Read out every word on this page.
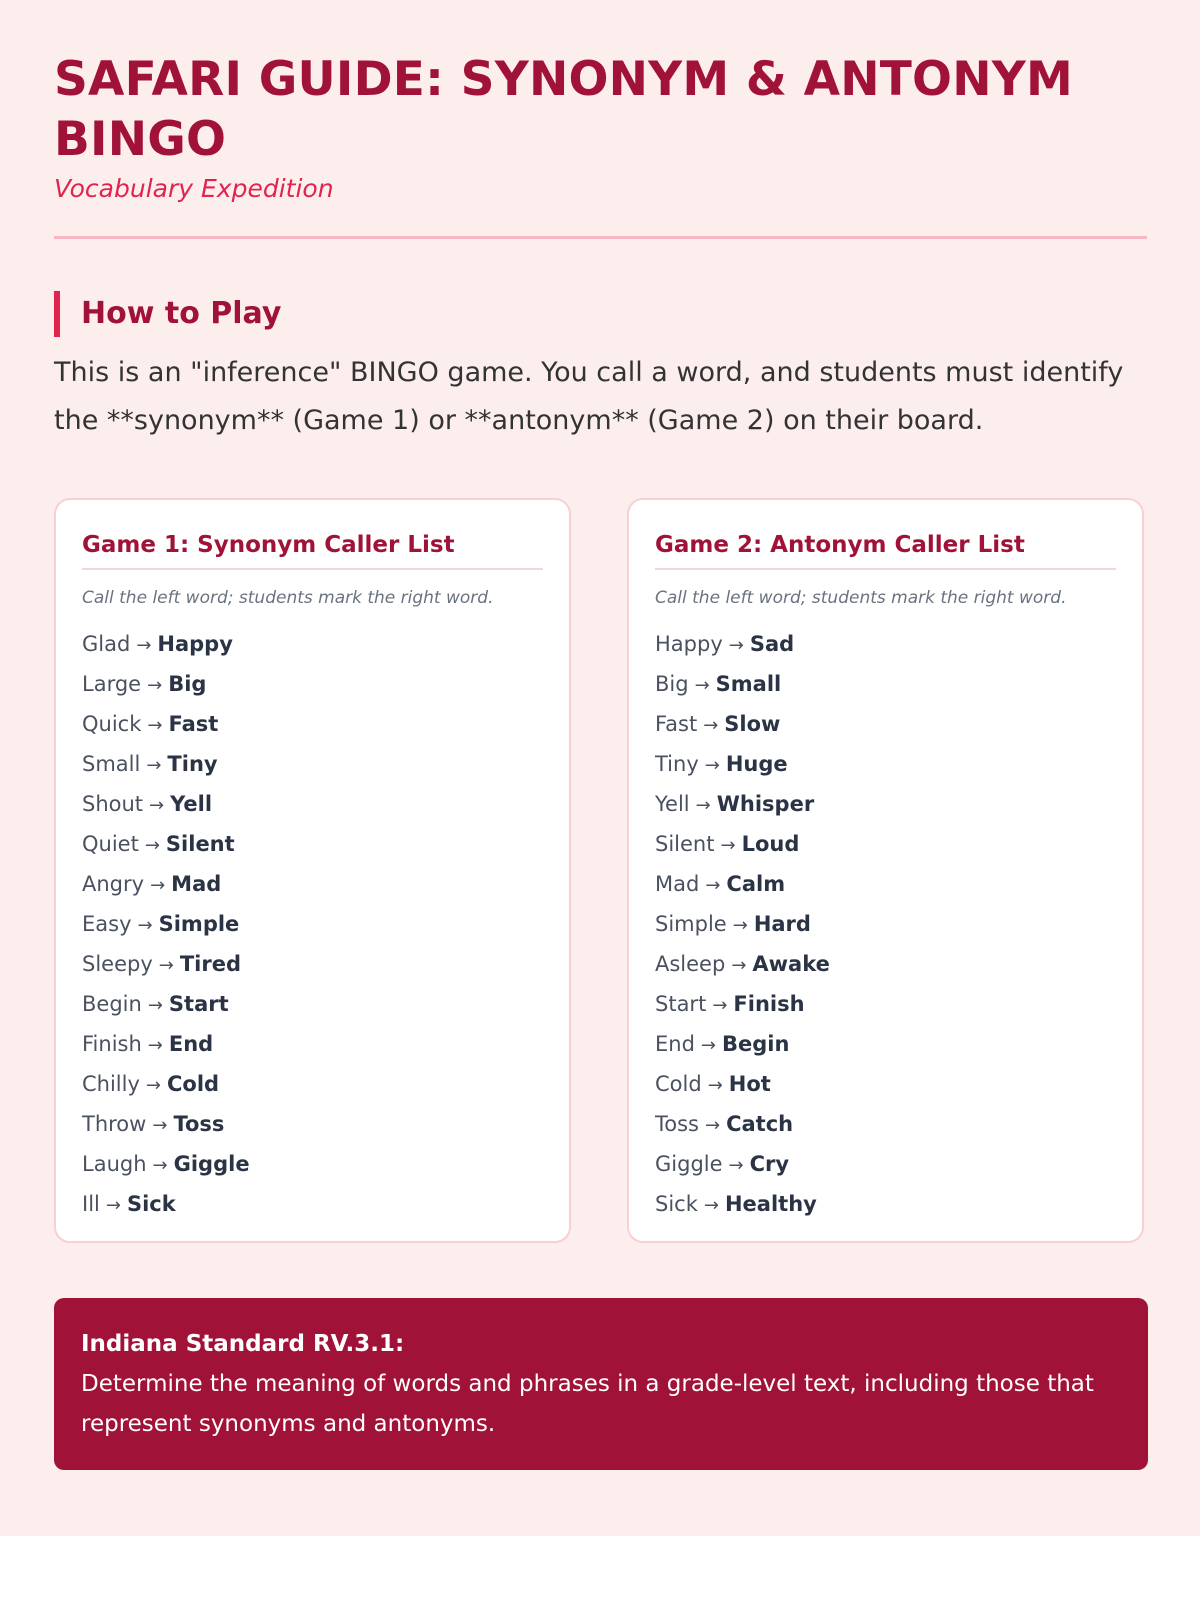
SAFARI GUIDE: SYNONYM & ANTONYM BINGO
Vocabulary Expedition
How to Play
This is an "inference" BINGO game. You call a word, and students must identify the **synonym** (Game 1) or **antonym** (Game 2) on their board.
Game 1: Synonym Caller List
Call the left word; students mark the right word.
Glad → Happy
Large → Big
Quick → Fast
Small → Tiny
Shout → Yell
Quiet → Silent
Angry → Mad
Easy → Simple
Sleepy → Tired
Begin → Start
Finish → End
Chilly → Cold
Throw → Toss
Laugh → Giggle
Ill → Sick
Game 2: Antonym Caller List
Call the left word; students mark the right word.
Happy → Sad
Big → Small
Fast → Slow
Tiny → Huge
Yell → Whisper
Silent → Loud
Mad → Calm
Simple → Hard
Asleep → Awake
Start → Finish
End → Begin
Cold → Hot
Toss → Catch
Giggle → Cry
Sick → Healthy
Indiana Standard RV.3.1:
Determine the meaning of words and phrases in a grade-level text, including those that represent synonyms and antonyms.
